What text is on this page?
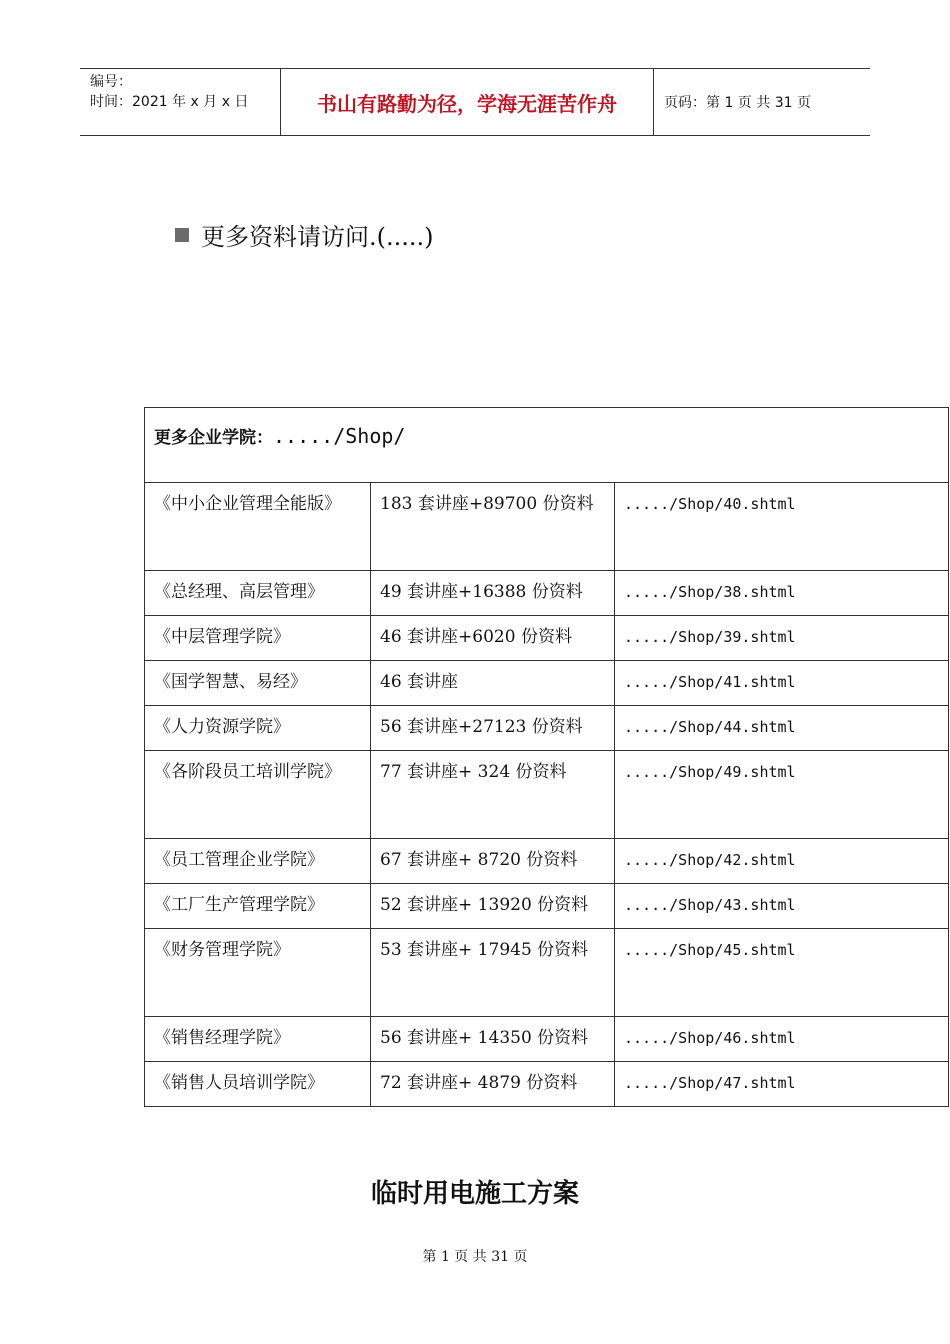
编号：
时间：2021 年 x 月 x 日	书山有路勤为径，学海无涯苦作舟	页码：第 1 页 共 31 页
更多资料请访问.(.....)
更多企业学院：...../Shop/		
《中小企业管理全能版》	183 套讲座+89700 份资料	...../Shop/40.shtml
《总经理、高层管理》	49 套讲座+16388 份资料	...../Shop/38.shtml
《中层管理学院》	46 套讲座+6020 份资料	...../Shop/39.shtml
《国学智慧、易经》	46 套讲座	...../Shop/41.shtml
《人力资源学院》	56 套讲座+27123 份资料	...../Shop/44.shtml
《各阶段员工培训学院》	77 套讲座+ 324 份资料	...../Shop/49.shtml
《员工管理企业学院》	67 套讲座+ 8720 份资料	...../Shop/42.shtml
《工厂生产管理学院》	52 套讲座+ 13920 份资料	...../Shop/43.shtml
《财务管理学院》	53 套讲座+ 17945 份资料	...../Shop/45.shtml
《销售经理学院》	56 套讲座+ 14350 份资料	...../Shop/46.shtml
《销售人员培训学院》	72 套讲座+ 4879 份资料	...../Shop/47.shtml
临时用电施工方案
第 1 页 共 31 页
